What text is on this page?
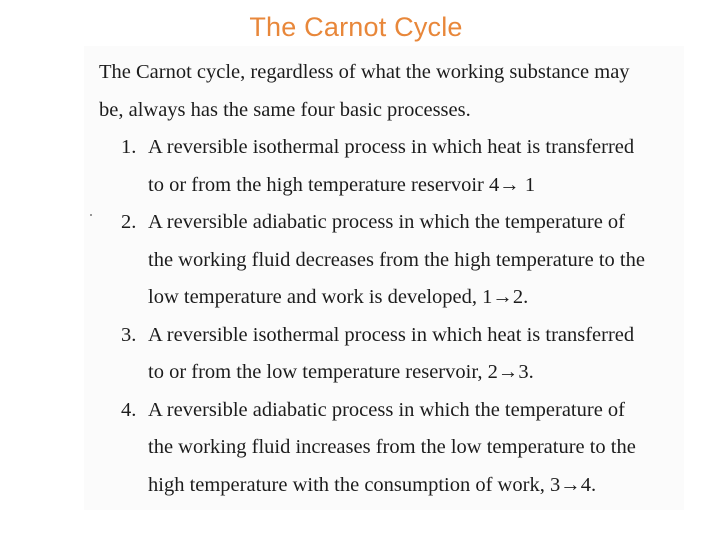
The Carnot Cycle
The Carnot cycle, regardless of what the working substance may
be, always has the same four basic processes.
1. A reversible isothermal process in which heat is transferred
to or from the high temperature reservoir 4→ 1
2. A reversible adiabatic process in which the temperature of
the working fluid decreases from the high temperature to the
low temperature and work is developed, 1→2.
3. A reversible isothermal process in which heat is transferred
to or from the low temperature reservoir, 2→3.
4. A reversible adiabatic process in which the temperature of
the working fluid increases from the low temperature to the
high temperature with the consumption of work, 3→4.
